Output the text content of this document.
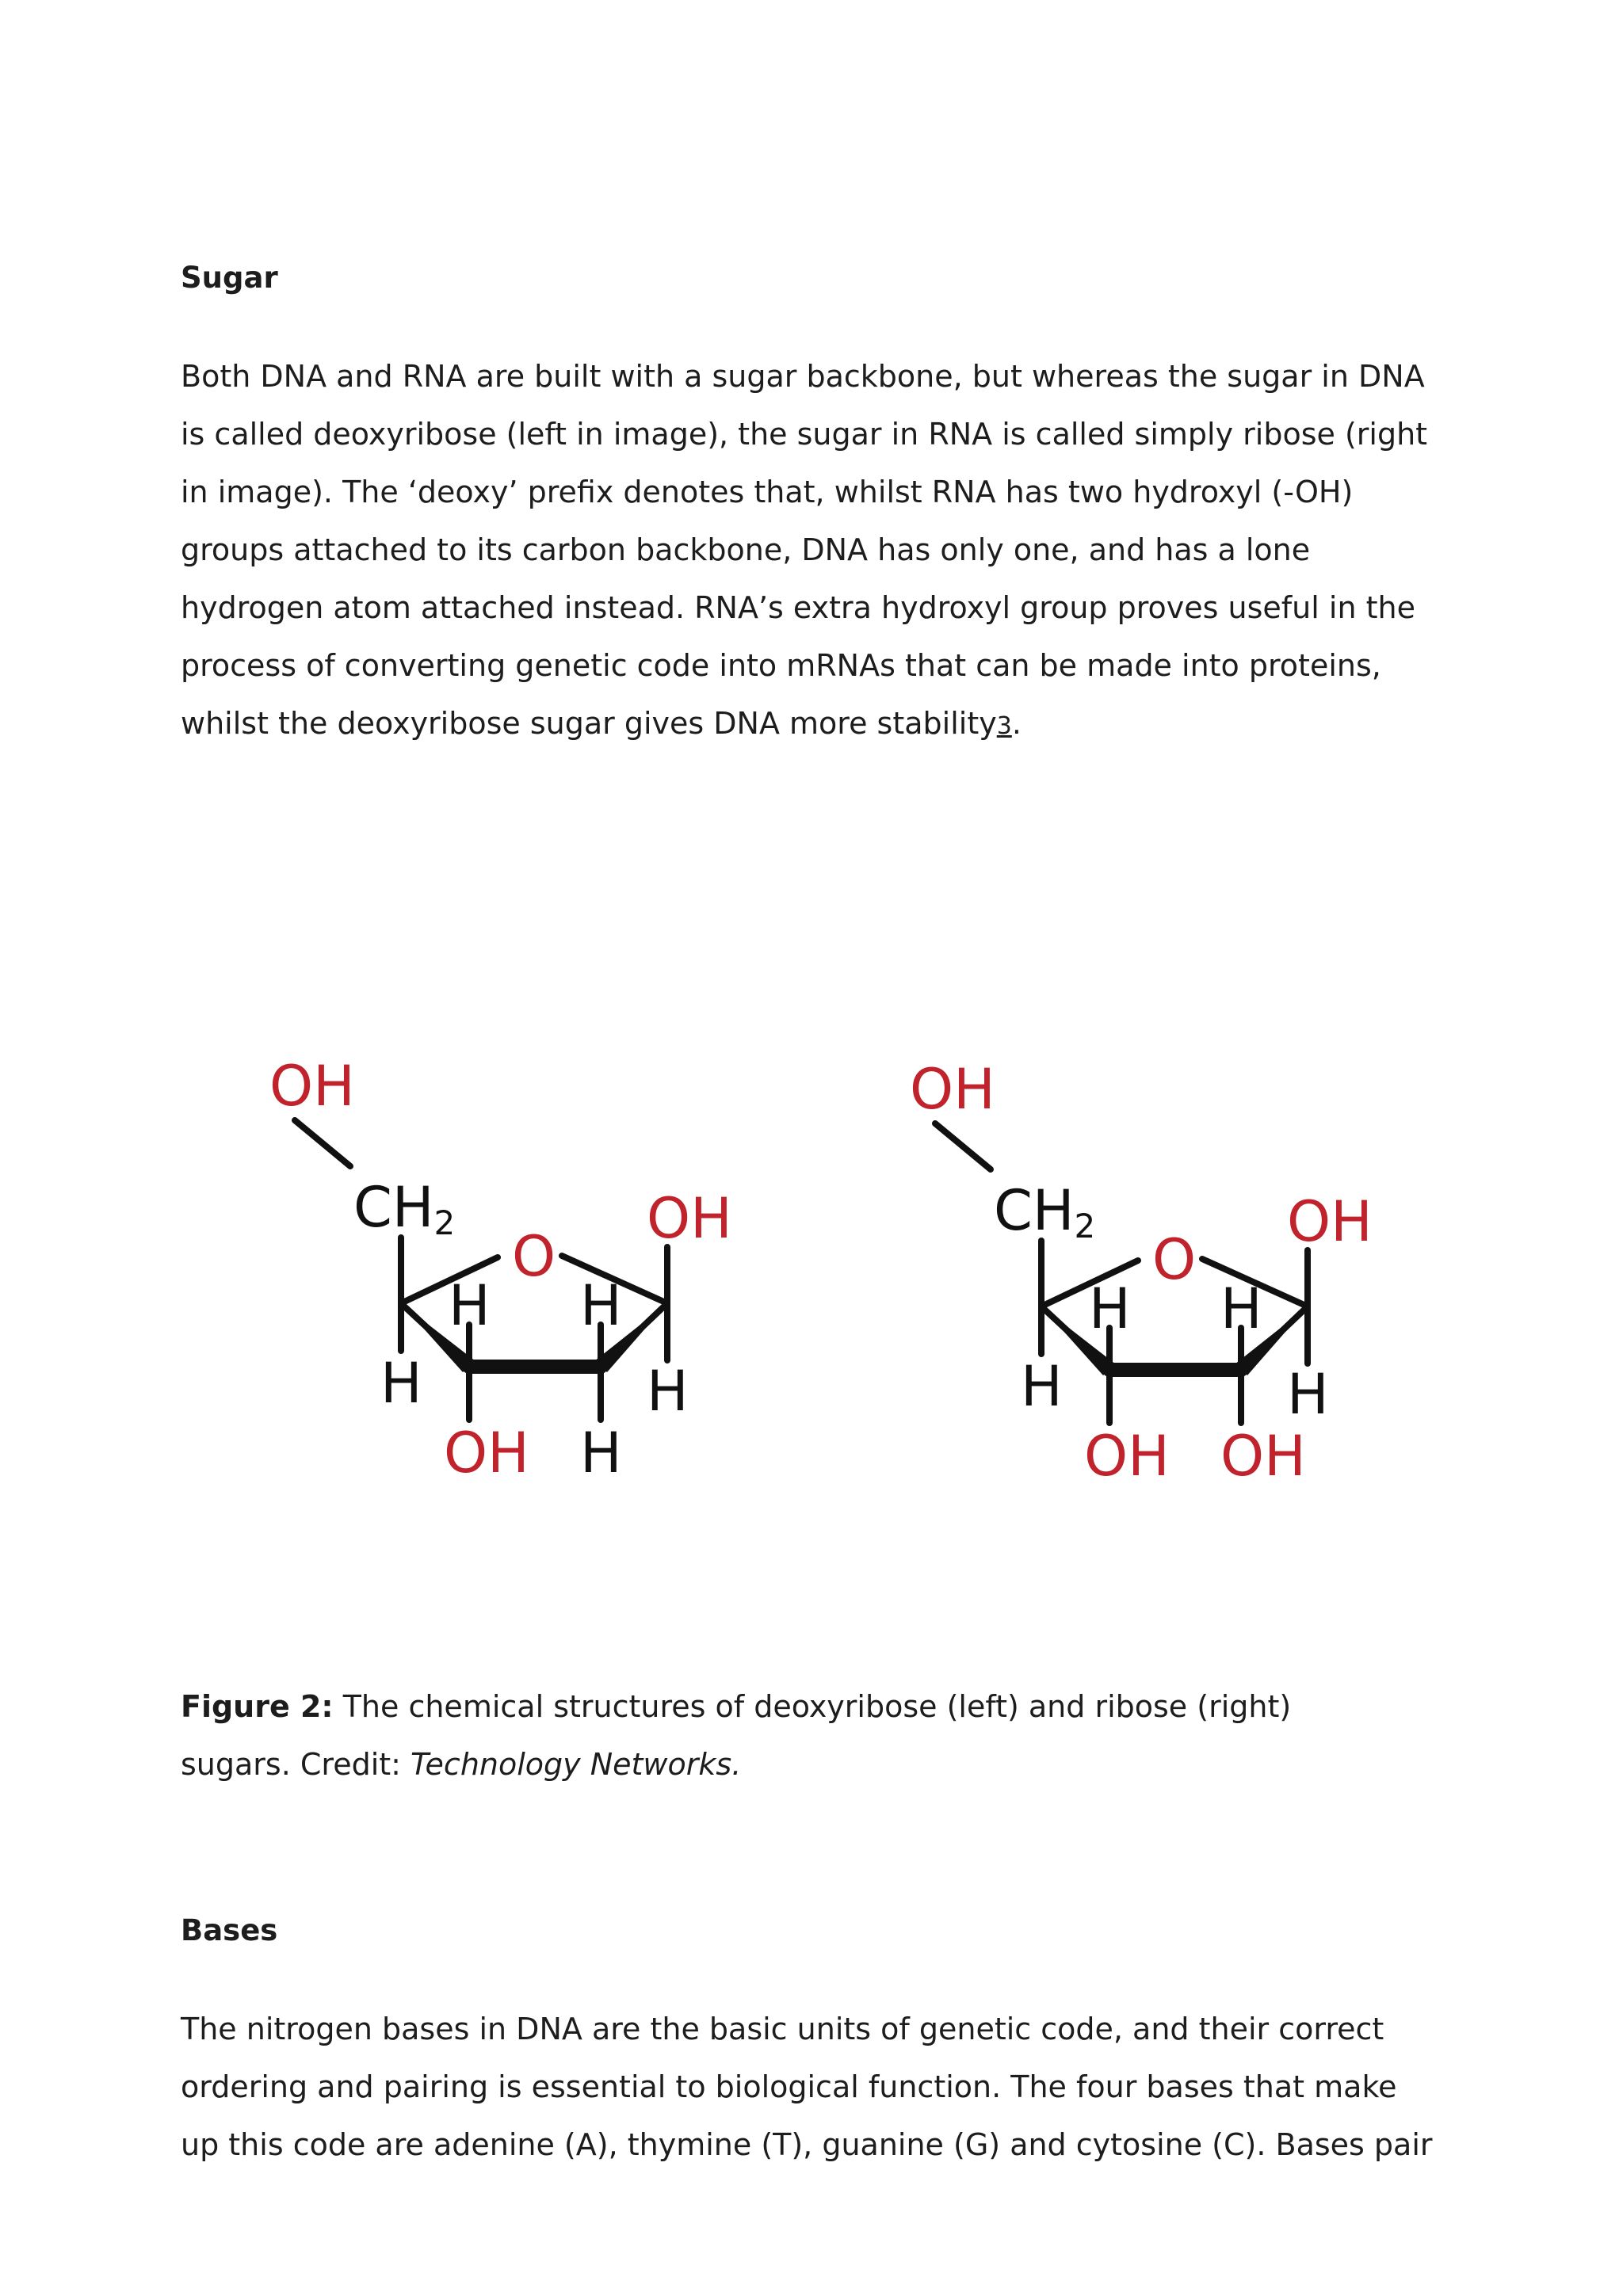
Sugar

Both DNA and RNA are built with a sugar backbone, but whereas the sugar in DNA

is called deoxyribose (left in image), the sugar in RNA is called simply ribose (right

in image). The ‘deoxy’ prefix denotes that, whilst RNA has two hydroxyl (-OH)

groups attached to its carbon backbone, DNA has only one, and has a lone

hydrogen atom attached instead. RNA’s extra hydroxyl group proves useful in the

process of converting genetic code into mRNAs that can be made into proteins,

whilst the deoxyribose sugar gives DNA more stability3.

OH
CH2
O
OH
H
H H
H
OH H
OH
CH2
O
OH
H
H H
H
OH OH

Figure 2: The chemical structures of deoxyribose (left) and ribose (right)

sugars. Credit: Technology Networks.

Bases

The nitrogen bases in DNA are the basic units of genetic code, and their correct

ordering and pairing is essential to biological function. The four bases that make

up this code are adenine (A), thymine (T), guanine (G) and cytosine (C). Bases pair
